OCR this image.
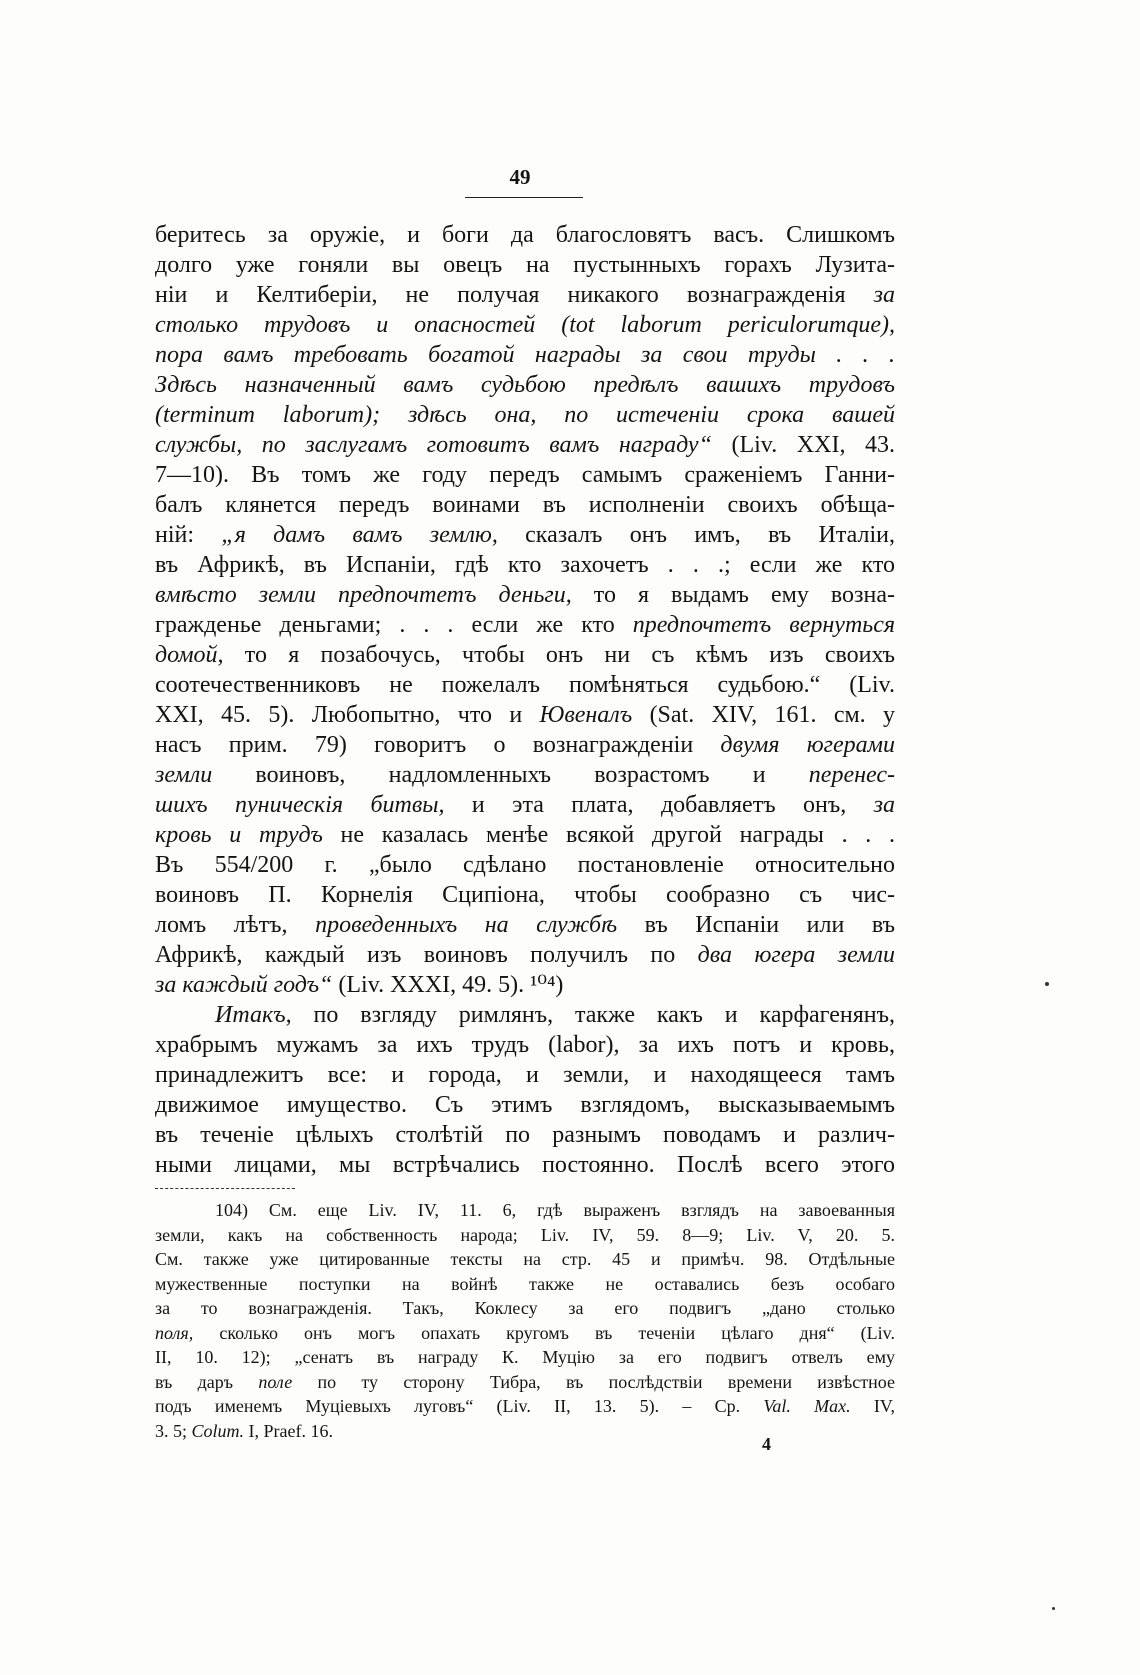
49
беритесь за оружіе, и боги да благословятъ васъ. Слишкомъ
долго уже гоняли вы овецъ на пустынныхъ горахъ Лузита-
ніи и Келтиберіи, не получая никакого вознагражденія за
столько трудовъ и опасностей (tot laborum periculorumque),
пора вамъ требовать богатой награды за свои труды . . .
Здѣсь назначенный вамъ судьбою предѣлъ вашихъ трудовъ
(terminum laborum); здѣсь она, по истеченіи срока вашей
службы, по заслугамъ готовитъ вамъ награду“ (Liv. XXI, 43.
7—10). Въ томъ же году передъ самымъ сраженіемъ Ганни-
балъ клянется передъ воинами въ исполненіи своихъ обѣща-
ній: „я дамъ вамъ землю, сказалъ онъ имъ, въ Италіи,
въ Африкѣ, въ Испаніи, гдѣ кто захочетъ . . .; если же кто
вмѣсто земли предпочтетъ деньги, то я выдамъ ему возна-
гражденье деньгами; . . . если же кто предпочтетъ вернуться
домой, то я позабочусь, чтобы онъ ни съ кѣмъ изъ своихъ
соотечественниковъ не пожелалъ помѣняться судьбою.“ (Liv.
XXI, 45. 5). Любопытно, что и Ювеналъ (Sat. XIV, 161. см. у
насъ прим. 79) говоритъ о вознагражденіи двумя югерами
земли воиновъ, надломленныхъ возрастомъ и перенес-
шихъ пуническія битвы, и эта плата, добавляетъ онъ, за
кровь и трудъ не казалась менѣе всякой другой награды . . .
Въ 554/200 г. „было сдѣлано постановленіе относительно
воиновъ П. Корнелія Сципіона, чтобы сообразно съ чис-
ломъ лѣтъ, проведенныхъ на службѣ въ Испаніи или въ
Африкѣ, каждый изъ воиновъ получилъ по два югера земли
за каждый годъ“ (Liv. XXXI, 49. 5). ¹⁰⁴)
Итакъ, по взгляду римлянъ, также какъ и карфагенянъ,
храбрымъ мужамъ за ихъ трудъ (labor), за ихъ потъ и кровь,
принадлежитъ все: и города, и земли, и находящееся тамъ
движимое имущество. Съ этимъ взглядомъ, высказываемымъ
въ теченіе цѣлыхъ столѣтій по разнымъ поводамъ и различ-
ными лицами, мы встрѣчались постоянно. Послѣ всего этого
104) См. еще Liv. IV, 11. 6, гдѣ выраженъ взглядъ на завоеванныя
земли, какъ на собственность народа; Liv. IV, 59. 8—9; Liv. V, 20. 5.
См. также уже цитированные тексты на стр. 45 и примѣч. 98. Отдѣльные
мужественные поступки на войнѣ также не оставались безъ особаго
за то вознагражденія. Такъ, Коклесу за его подвигъ „дано столько
поля, сколько онъ могъ опахать кругомъ въ теченіи цѣлаго дня“ (Liv.
II, 10. 12); „сенатъ въ награду К. Муцію за его подвигъ отвелъ ему
въ даръ поле по ту сторону Тибра, въ послѣдствіи времени извѣстное
подъ именемъ Муціевыхъ луговъ“ (Liv. II, 13. 5). – Ср. Val. Max. IV,
3. 5; Colum. I, Praef. 16.
4
